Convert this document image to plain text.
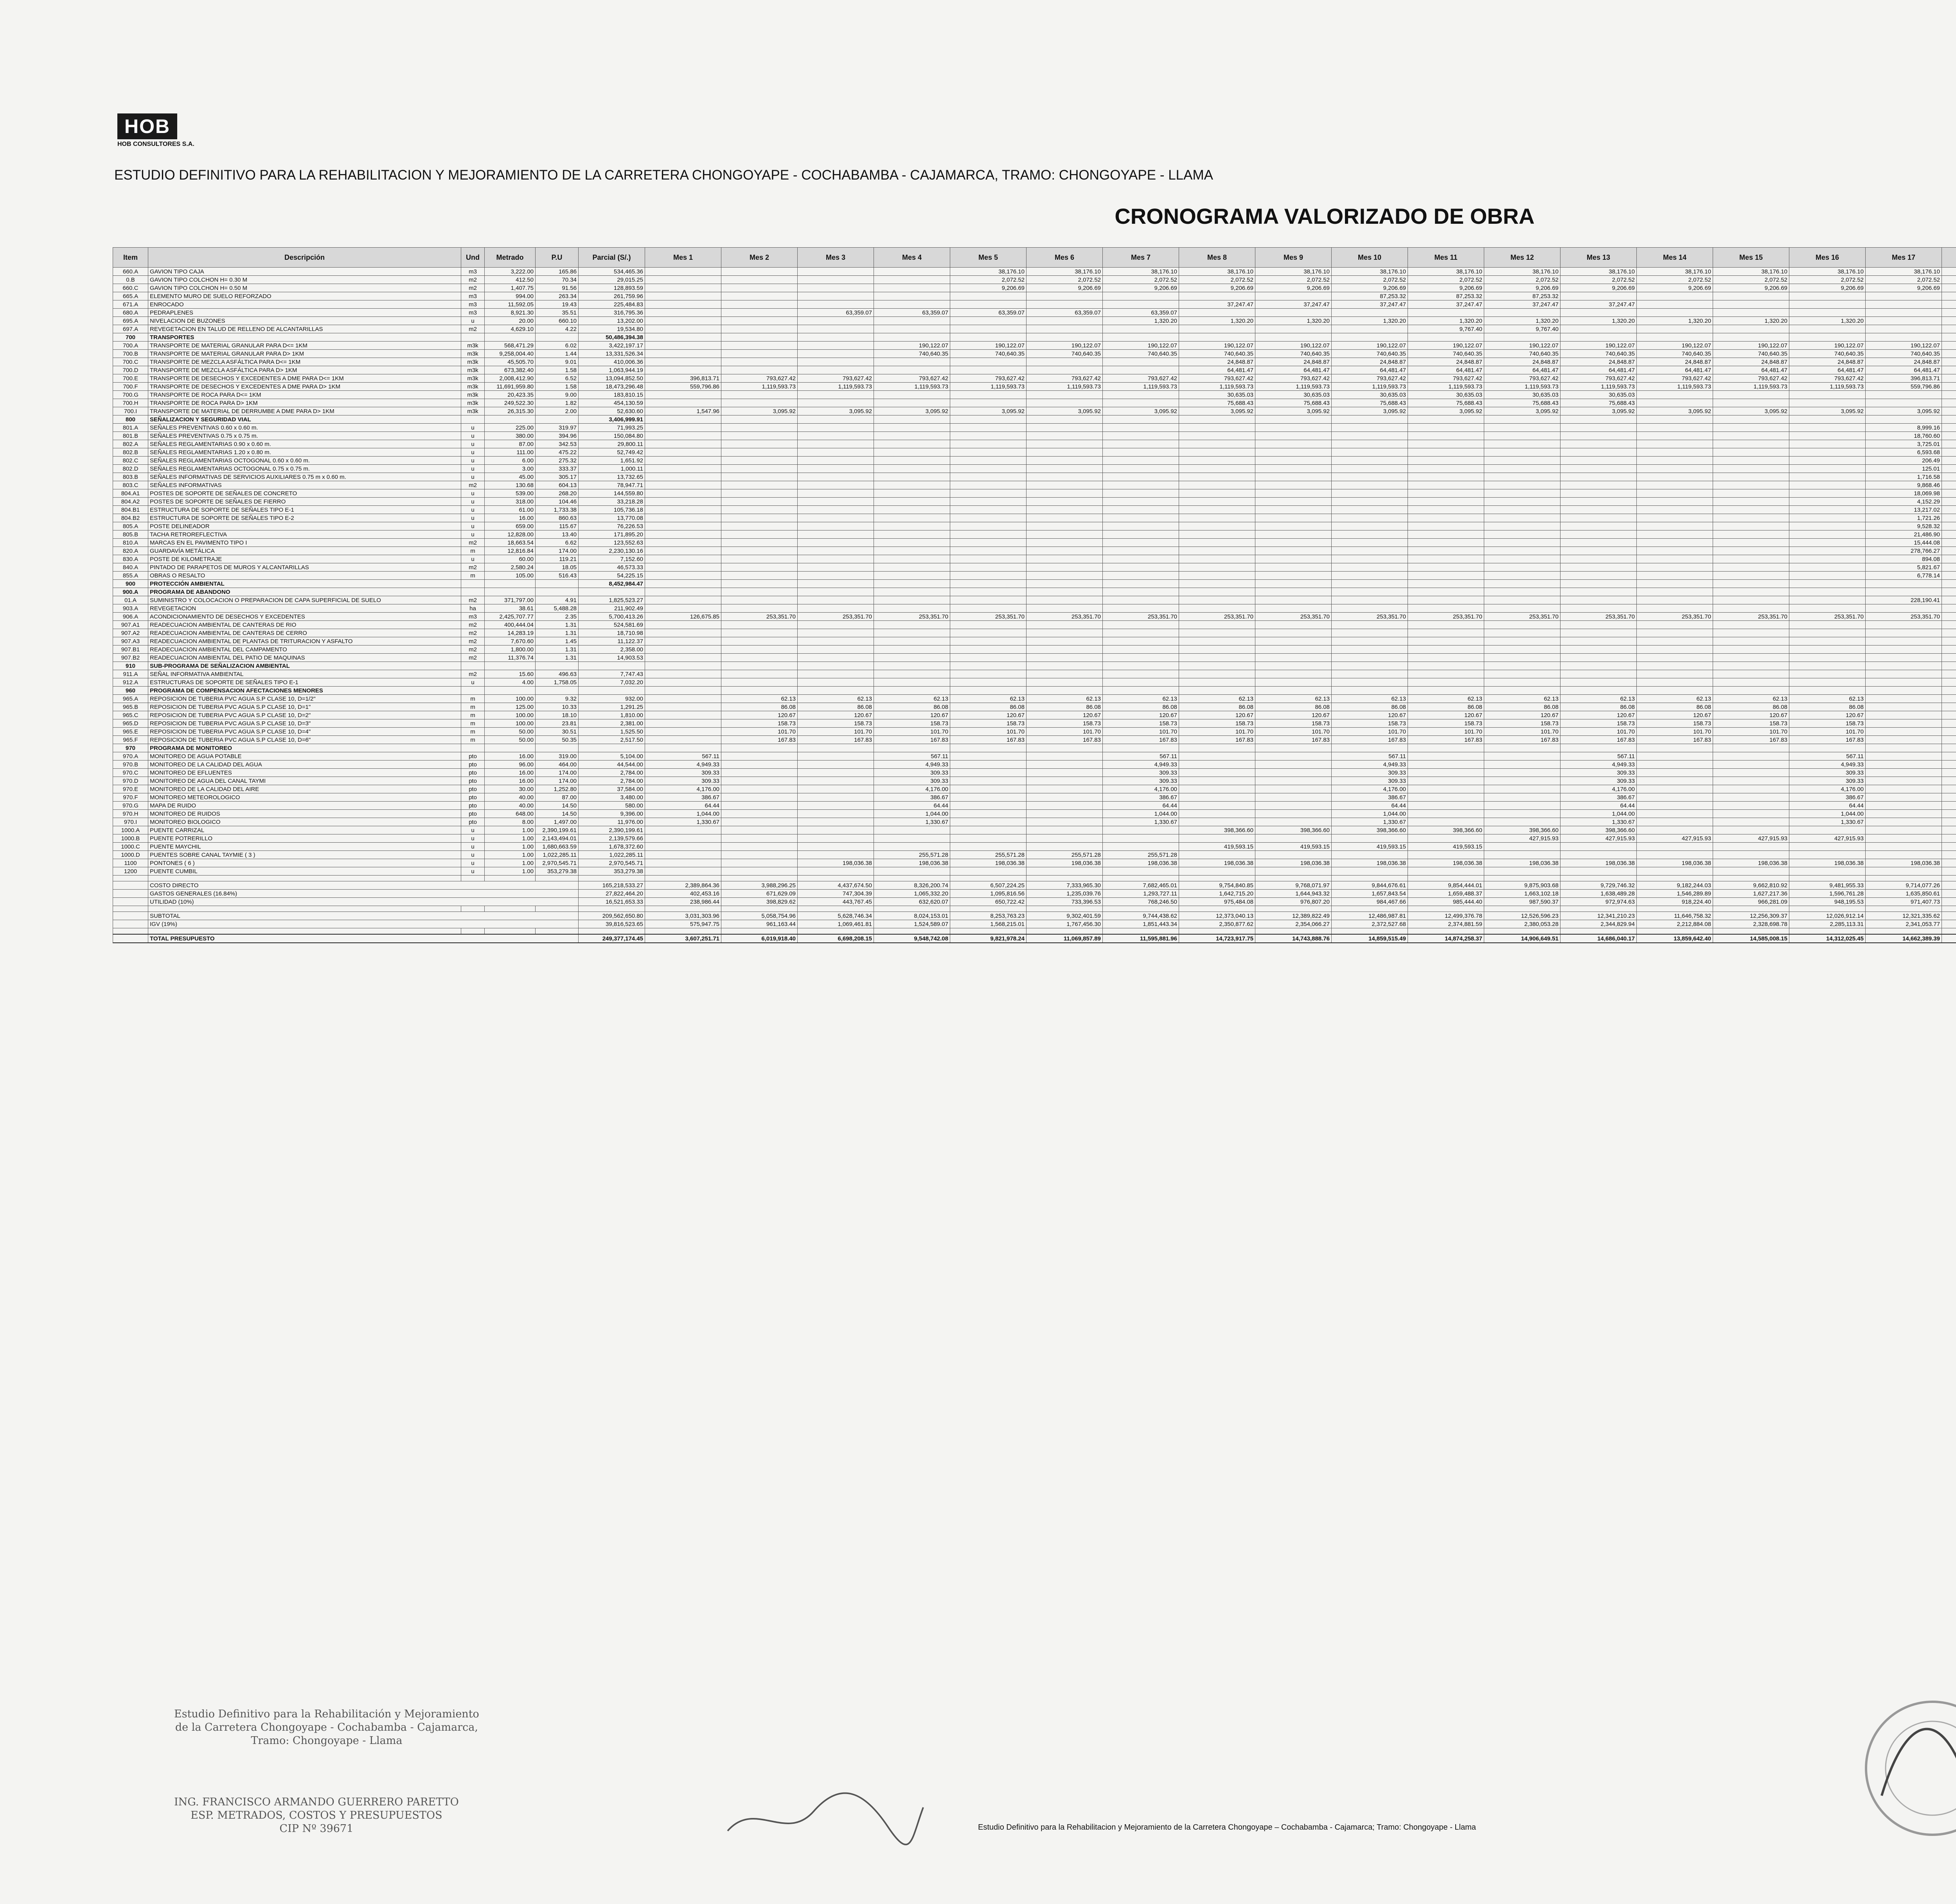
HOB
HOB CONSULTORES S.A.
ESTUDIO DEFINITIVO PARA LA REHABILITACION Y MEJORAMIENTO DE LA CARRETERA CHONGOYAPE - COCHABAMBA - CAJAMARCA, TRAMO: CHONGOYAPE - LLAMA
CRONOGRAMA VALORIZADO DE OBRA
Item	Descripción	Und	Metrado	P.U	Parcial (S/.)	Mes 1	Mes 2	Mes 3	Mes 4	Mes 5	Mes 6	Mes 7	Mes 8	Mes 9	Mes 10	Mes 11	Mes 12	Mes 13	Mes 14	Mes 15	Mes 16	Mes 17							
660.A	GAVION TIPO CAJA	m3	3,222.00	165.86	534,465.36					38,176.10	38,176.10	38,176.10	38,176.10	38,176.10	38,176.10	38,176.10	38,176.10	38,176.10	38,176.10	38,176.10	38,176.10	38,176.10							
0.B	GAVION TIPO COLCHON H= 0.30 M	m2	412.50	70.34	29,015.25					2,072.52	2,072.52	2,072.52	2,072.52	2,072.52	2,072.52	2,072.52	2,072.52	2,072.52	2,072.52	2,072.52	2,072.52	2,072.52							
660.C	GAVION TIPO COLCHON H= 0.50 M	m2	1,407.75	91.56	128,893.59					9,206.69	9,206.69	9,206.69	9,206.69	9,206.69	9,206.69	9,206.69	9,206.69	9,206.69	9,206.69	9,206.69	9,206.69	9,206.69							
665.A	ELEMENTO MURO DE SUELO REFORZADO	m3	994.00	263.34	261,759.96										87,253.32	87,253.32	87,253.32												
671.A	ENROCADO	m3	11,592.05	19.43	225,484.83								37,247.47	37,247.47	37,247.47	37,247.47	37,247.47	37,247.47											
680.A	PEDRAPLENES	m3	8,921.30	35.51	316,795.36			63,359.07	63,359.07	63,359.07	63,359.07	63,359.07																	
695.A	NIVELACION DE BUZONES	u	20.00	660.10	13,202.00							1,320.20	1,320.20	1,320.20	1,320.20	1,320.20	1,320.20	1,320.20	1,320.20	1,320.20	1,320.20								
697.A	REVEGETACION EN TALUD DE RELLENO DE ALCANTARILLAS	m2	4,629.10	4.22	19,534.80											9,767.40	9,767.40												
700	TRANSPORTES				50,486,394.38																								
700.A	TRANSPORTE DE MATERIAL GRANULAR PARA D<= 1KM	m3k	568,471.29	6.02	3,422,197.17				190,122.07	190,122.07	190,122.07	190,122.07	190,122.07	190,122.07	190,122.07	190,122.07	190,122.07	190,122.07	190,122.07	190,122.07	190,122.07	190,122.07							
700.B	TRANSPORTE DE MATERIAL GRANULAR PARA D> 1KM	m3k	9,258,004.40	1.44	13,331,526.34				740,640.35	740,640.35	740,640.35	740,640.35	740,640.35	740,640.35	740,640.35	740,640.35	740,640.35	740,640.35	740,640.35	740,640.35	740,640.35	740,640.35							
700.C	TRANSPORTE DE MEZCLA ASFÁLTICA PARA D<= 1KM	m3k	45,505.70	9.01	410,006.36								24,848.87	24,848.87	24,848.87	24,848.87	24,848.87	24,848.87	24,848.87	24,848.87	24,848.87	24,848.87							
700.D	TRANSPORTE DE MEZCLA ASFÁLTICA PARA D> 1KM	m3k	673,382.40	1.58	1,063,944.19								64,481.47	64,481.47	64,481.47	64,481.47	64,481.47	64,481.47	64,481.47	64,481.47	64,481.47	64,481.47							
700.E	TRANSPORTE DE DESECHOS Y EXCEDENTES A DME PARA D<= 1KM	m3k	2,008,412.90	6.52	13,094,852.50	396,813.71	793,627.42	793,627.42	793,627.42	793,627.42	793,627.42	793,627.42	793,627.42	793,627.42	793,627.42	793,627.42	793,627.42	793,627.42	793,627.42	793,627.42	793,627.42	396,813.71							
700.F	TRANSPORTE DE DESECHOS Y EXCEDENTES A DME PARA D> 1KM	m3k	11,691,959.80	1.58	18,473,296.48	559,796.86	1,119,593.73	1,119,593.73	1,119,593.73	1,119,593.73	1,119,593.73	1,119,593.73	1,119,593.73	1,119,593.73	1,119,593.73	1,119,593.73	1,119,593.73	1,119,593.73	1,119,593.73	1,119,593.73	1,119,593.73	559,796.86							
700.G	TRANSPORTE DE ROCA PARA D<= 1KM	m3k	20,423.35	9.00	183,810.15								30,635.03	30,635.03	30,635.03	30,635.03	30,635.03	30,635.03											
700.H	TRANSPORTE DE ROCA PARA D> 1KM	m3k	249,522.30	1.82	454,130.59								75,688.43	75,688.43	75,688.43	75,688.43	75,688.43	75,688.43											
700.I	TRANSPORTE DE MATERIAL DE DERRUMBE A DME PARA D> 1KM	m3k	26,315.30	2.00	52,630.60	1,547.96	3,095.92	3,095.92	3,095.92	3,095.92	3,095.92	3,095.92	3,095.92	3,095.92	3,095.92	3,095.92	3,095.92	3,095.92	3,095.92	3,095.92	3,095.92	3,095.92							
800	SEÑALIZACION Y SEGURIDAD VIAL				3,406,999.91																								
801.A	SEÑALES PREVENTIVAS 0.60 x 0.60 m.	u	225.00	319.97	71,993.25																	8,999.16							
801.B	SEÑALES PREVENTIVAS 0.75 x 0.75 m.	u	380.00	394.96	150,084.80																	18,760.60							
802.A	SEÑALES REGLAMENTARIAS 0.90 x 0.60 m.	u	87.00	342.53	29,800.11																	3,725.01							
802.B	SEÑALES REGLAMENTARIAS 1.20 x 0.80 m.	u	111.00	475.22	52,749.42																	6,593.68							
802.C	SEÑALES REGLAMENTARIAS OCTOGONAL 0.60 x 0.60 m.	u	6.00	275.32	1,651.92																	206.49							
802.D	SEÑALES REGLAMENTARIAS OCTOGONAL 0.75 x 0.75 m.	u	3.00	333.37	1,000.11																	125.01							
803.B	SEÑALES INFORMATIVAS DE SERVICIOS AUXILIARES 0.75 m x 0.60 m.	u	45.00	305.17	13,732.65																	1,716.58							
803.C	SEÑALES INFORMATIVAS	m2	130.68	604.13	78,947.71																	9,868.46							
804.A1	POSTES DE SOPORTE DE SEÑALES DE CONCRETO	u	539.00	268.20	144,559.80																	18,069.98							
804.A2	POSTES DE SOPORTE DE SEÑALES DE FIERRO	u	318.00	104.46	33,218.28																	4,152.29							
804.B1	ESTRUCTURA DE SOPORTE DE SEÑALES TIPO E-1	u	61.00	1,733.38	105,736.18																	13,217.02							
804.B2	ESTRUCTURA DE SOPORTE DE SEÑALES TIPO E-2	u	16.00	860.63	13,770.08																	1,721.26							
805.A	POSTE DELINEADOR	u	659.00	115.67	76,226.53																	9,528.32							
805.B	TACHA RETROREFLECTIVA	u	12,828.00	13.40	171,895.20																	21,486.90							
810.A	MARCAS EN EL PAVIMENTO TIPO I	m2	18,663.54	6.62	123,552.63																	15,444.08							
820.A	GUARDAVÍA METÁLICA	m	12,816.84	174.00	2,230,130.16																	278,766.27							
830.A	POSTE DE KILOMETRAJE	u	60.00	119.21	7,152.60																	894.08							
840.A	PINTADO DE PARAPETOS DE MUROS Y ALCANTARILLAS	m2	2,580.24	18.05	46,573.33																	5,821.67							
855.A	OBRAS O RESALTO	m	105.00	516.43	54,225.15																	6,778.14							
900	PROTECCIÓN AMBIENTAL				8,452,984.47																								
900.A	PROGRAMA DE ABANDONO																												
01.A	SUMINISTRO Y COLOCACION O PREPARACION DE CAPA SUPERFICIAL DE SUELO	m2	371,797.00	4.91	1,825,523.27																	228,190.41							
903.A	REVEGETACION	ha	38.61	5,488.28	211,902.49																								
906.A	ACONDICIONAMIENTO DE DESECHOS Y EXCEDENTES	m3	2,425,707.77	2.35	5,700,413.26	126,675.85	253,351.70	253,351.70	253,351.70	253,351.70	253,351.70	253,351.70	253,351.70	253,351.70	253,351.70	253,351.70	253,351.70	253,351.70	253,351.70	253,351.70	253,351.70	253,351.70							
907.A1	READECUACION AMBIENTAL DE CANTERAS DE RIO	m2	400,444.04	1.31	524,581.69																								
907.A2	READECUACION AMBIENTAL DE CANTERAS DE CERRO	m2	14,283.19	1.31	18,710.98																								
907.A3	READECUACION AMBIENTAL DE PLANTAS DE TRITURACION Y ASFALTO	m2	7,670.60	1.45	11,122.37																								
907.B1	READECUACION AMBIENTAL DEL CAMPAMENTO	m2	1,800.00	1.31	2,358.00																								
907.B2	READECUACION AMBIENTAL DEL PATIO DE MAQUINAS	m2	11,376.74	1.31	14,903.53																								
910	SUB-PROGRAMA DE SEÑALIZACION AMBIENTAL																												
911.A	SEÑAL INFORMATIVA AMBIENTAL	m2	15.60	496.63	7,747.43																								
912.A	ESTRUCTURAS DE SOPORTE DE SEÑALES TIPO E-1	u	4.00	1,758.05	7,032.20																								
960	PROGRAMA DE COMPENSACION AFECTACIONES MENORES																												
965.A	REPOSICION DE TUBERIA PVC AGUA S.P CLASE 10, D=1/2"	m	100.00	9.32	932.00		62.13	62.13	62.13	62.13	62.13	62.13	62.13	62.13	62.13	62.13	62.13	62.13	62.13	62.13	62.13								
965.B	REPOSICION DE TUBERIA PVC AGUA S.P CLASE 10, D=1"	m	125.00	10.33	1,291.25		86.08	86.08	86.08	86.08	86.08	86.08	86.08	86.08	86.08	86.08	86.08	86.08	86.08	86.08	86.08								
965.C	REPOSICION DE TUBERIA PVC AGUA S.P CLASE 10, D=2"	m	100.00	18.10	1,810.00		120.67	120.67	120.67	120.67	120.67	120.67	120.67	120.67	120.67	120.67	120.67	120.67	120.67	120.67	120.67								
965.D	REPOSICION DE TUBERIA PVC AGUA S.P CLASE 10, D=3"	m	100.00	23.81	2,381.00		158.73	158.73	158.73	158.73	158.73	158.73	158.73	158.73	158.73	158.73	158.73	158.73	158.73	158.73	158.73								
965.E	REPOSICION DE TUBERIA PVC AGUA S.P CLASE 10, D=4"	m	50.00	30.51	1,525.50		101.70	101.70	101.70	101.70	101.70	101.70	101.70	101.70	101.70	101.70	101.70	101.70	101.70	101.70	101.70								
965.F	REPOSICION DE TUBERIA PVC AGUA S.P CLASE 10, D=6"	m	50.00	50.35	2,517.50		167.83	167.83	167.83	167.83	167.83	167.83	167.83	167.83	167.83	167.83	167.83	167.83	167.83	167.83	167.83								
970	PROGRAMA DE MONITOREO																												
970.A	MONITOREO DE AGUA POTABLE	pto	16.00	319.00	5,104.00	567.11			567.11			567.11			567.11			567.11			567.11								
970.B	MONITOREO DE LA CALIDAD DEL AGUA	pto	96.00	464.00	44,544.00	4,949.33			4,949.33			4,949.33			4,949.33			4,949.33			4,949.33								
970.C	MONITOREO DE EFLUENTES	pto	16.00	174.00	2,784.00	309.33			309.33			309.33			309.33			309.33			309.33								
970.D	MONITOREO DE AGUA DEL CANAL TAYMI	pto	16.00	174.00	2,784.00	309.33			309.33			309.33			309.33			309.33			309.33								
970.E	MONITOREO DE LA CALIDAD DEL AIRE	pto	30.00	1,252.80	37,584.00	4,176.00			4,176.00			4,176.00			4,176.00			4,176.00			4,176.00								
970.F	MONITOREO METEOROLOGICO	pto	40.00	87.00	3,480.00	386.67			386.67			386.67			386.67			386.67			386.67								
970.G	MAPA DE RUIDO	pto	40.00	14.50	580.00	64.44			64.44			64.44			64.44			64.44			64.44								
970.H	MONITOREO DE RUIDOS	pto	648.00	14.50	9,396.00	1,044.00			1,044.00			1,044.00			1,044.00			1,044.00			1,044.00								
970.I	MONITOREO BIOLOGICO	pto	8.00	1,497.00	11,976.00	1,330.67			1,330.67			1,330.67			1,330.67			1,330.67			1,330.67								
1000.A	PUENTE CARRIZAL	u	1.00	2,390,199.61	2,390,199.61								398,366.60	398,366.60	398,366.60	398,366.60	398,366.60	398,366.60											
1000.B	PUENTE POTRERILLO	u	1.00	2,143,494.01	2,139,579.66												427,915.93	427,915.93	427,915.93	427,915.93	427,915.93								
1000.C	PUENTE MAYCHIL	u	1.00	1,680,663.59	1,678,372.60								419,593.15	419,593.15	419,593.15	419,593.15													
1000.D	PUENTES SOBRE CANAL TAYMIE ( 3 )	u	1.00	1,022,285.11	1,022,285.11				255,571.28	255,571.28	255,571.28	255,571.28																	
1100	PONTONES ( 6 )	u	1.00	2,970,545.71	2,970,545.71			198,036.38	198,036.38	198,036.38	198,036.38	198,036.38	198,036.38	198,036.38	198,036.38	198,036.38	198,036.38	198,036.38	198,036.38	198,036.38	198,036.38	198,036.38							
1200	PUENTE CUMBIL	u	1.00	353,279.38	353,279.38																								

	COSTO DIRECTO				165,218,533.27	2,389,864.36	3,988,296.25	4,437,674.50	8,326,200.74	6,507,224.25	7,333,965.30	7,682,465.01	9,754,840.85	9,768,071.97	9,844,676.61	9,854,444.01	9,875,903.68	9,729,746.32	9,182,244.03	9,662,810.92	9,481,955.33	9,714,077.26							
	GASTOS GENERALES (16.84%)				27,822,464.20	402,453.16	671,629.09	747,304.39	1,065,332.20	1,095,816.56	1,235,039.76	1,293,727.11	1,642,715.20	1,644,943.32	1,657,843.54	1,659,488.37	1,663,102.18	1,638,489.28	1,546,289.89	1,627,217.36	1,596,761.28	1,635,850.61							
	UTILIDAD (10%)				16,521,653.33	238,986.44	398,829.62	443,767.45	632,620.07	650,722.42	733,396.53	768,246.50	975,484.08	976,807.20	984,467.66	985,444.40	987,590.37	972,974.63	918,224.40	966,281.09	948,195.53	971,407.73							

	SUBTOTAL				209,562,650.80	3,031,303.96	5,058,754.96	5,628,746.34	8,024,153.01	8,253,763.23	9,302,401.59	9,744,438.62	12,373,040.13	12,389,822.49	12,486,987.81	12,499,376.78	12,526,596.23	12,341,210.23	11,646,758.32	12,256,309.37	12,026,912.14	12,321,335.62							
	IGV (19%)				39,816,523.65	575,947.75	961,163.44	1,069,461.81	1,524,589.07	1,568,215.01	1,767,456.30	1,851,443.34	2,350,877.62	2,354,066.27	2,372,527.68	2,374,881.59	2,380,053.28	2,344,829.94	2,212,884.08	2,328,698.78	2,285,113.31	2,341,053.77							

	TOTAL PRESUPUESTO				249,377,174.45	3,607,251.71	6,019,918.40	6,698,208.15	9,548,742.08	9,821,978.24	11,069,857.89	11,595,881.96	14,723,917.75	14,743,888.76	14,859,515.49	14,874,258.37	14,906,649.51	14,686,040.17	13,859,642.40	14,585,008.15	14,312,025.45	14,662,389.39							
Estudio Definitivo para la Rehabilitación y Mejoramiento
de la Carretera Chongoyape - Cochabamba - Cajamarca,
Tramo: Chongoyape - Llama
ING. FRANCISCO ARMANDO GUERRERO PARETTO
ESP. METRADOS, COSTOS Y PRESUPUESTOS
CIP Nº 39671	Estudio Definitivo para la Rehabilitacion y Mejoramiento de la Carretera Chongoyape – Cochabamba - Cajamarca; Tramo: Chongoyape - Llama
